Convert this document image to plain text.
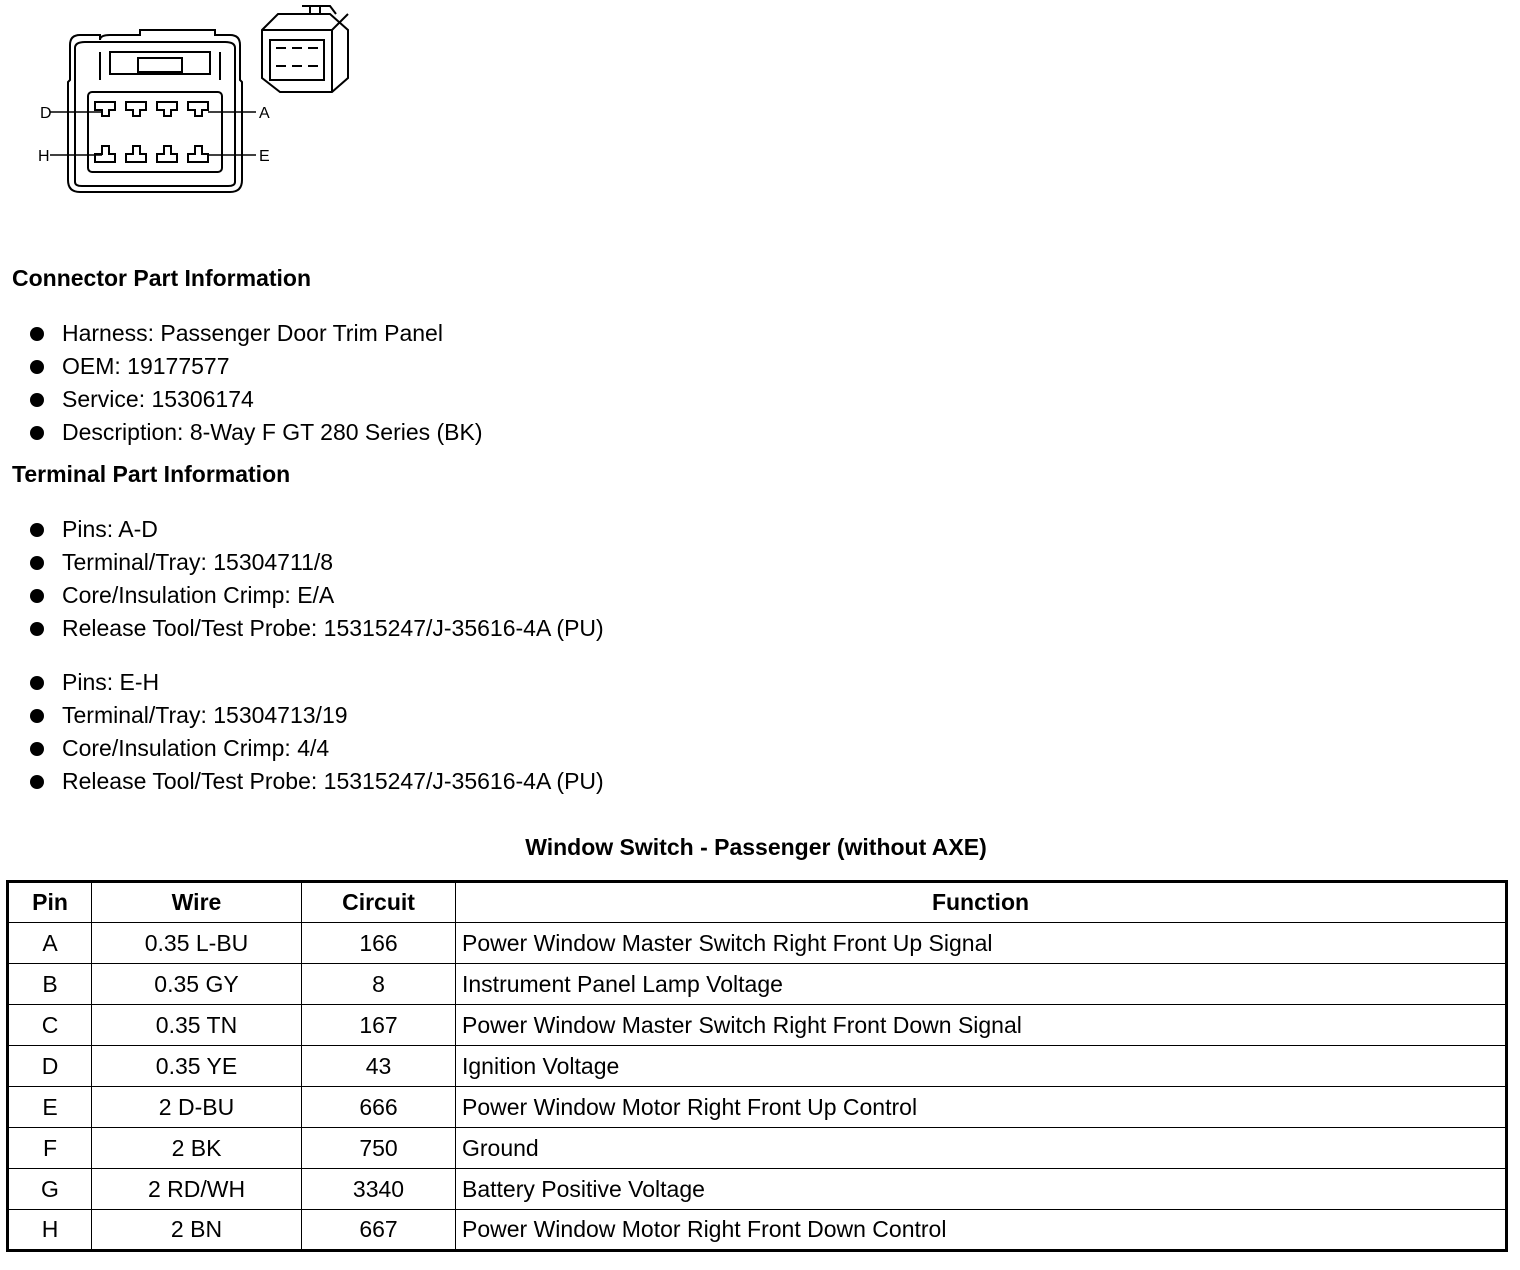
D	A
H	E
Connector Part Information
Harness: Passenger Door Trim Panel
OEM: 19177577
Service: 15306174
Description: 8-Way F GT 280 Series (BK)
Terminal Part Information
Pins: A-D
Terminal/Tray: 15304711/8
Core/Insulation Crimp: E/A
Release Tool/Test Probe: 15315247/J-35616-4A (PU)
Pins: E-H
Terminal/Tray: 15304713/19
Core/Insulation Crimp: 4/4
Release Tool/Test Probe: 15315247/J-35616-4A (PU)
Window Switch - Passenger (without AXE)
Pin	Wire	Circuit	Function
A	0.35 L-BU	166	Power Window Master Switch Right Front Up Signal
B	0.35 GY	8	Instrument Panel Lamp Voltage
C	0.35 TN	167	Power Window Master Switch Right Front Down Signal
D	0.35 YE	43	Ignition Voltage
E	2 D-BU	666	Power Window Motor Right Front Up Control
F	2 BK	750	Ground
G	2 RD/WH	3340	Battery Positive Voltage
H	2 BN	667	Power Window Motor Right Front Down Control
